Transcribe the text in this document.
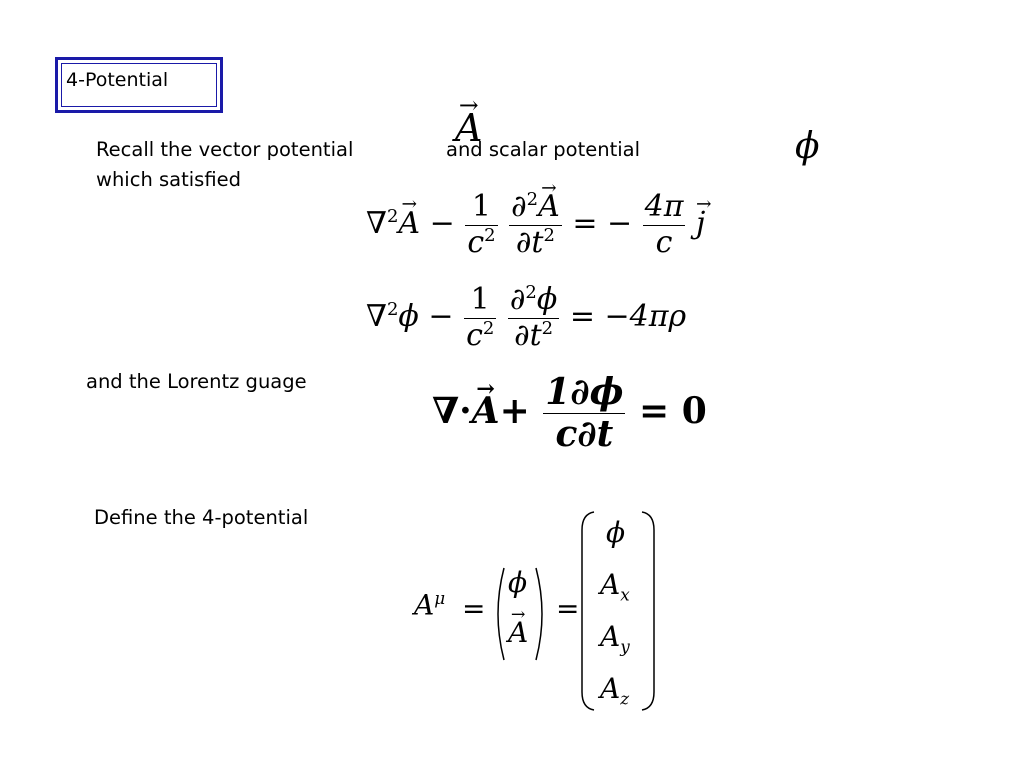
4-Potential
→ A	ϕ
Recall the vector potential	and scalar potential
which satisfied
$\nabla^2\to A - \frac{1}{c^2}$
$\frac{\partial^2\to A}{\partial t^2}$ = − $\frac{4\pi}{c}$
→ j
$\nabla^2\phi - \frac{1}{c^2}$
$\frac{\partial^2\phi}{\partial t^2} = -4\pi\rho$
and the Lorentz guage
∇·→ $A+ \frac{1\partial\phi}{c\partial t} = 0$
Define the 4-potential
$A^\mu$ =
ϕ
→ A
=
ϕ
$A_x$
$A_y$
$A_z$
